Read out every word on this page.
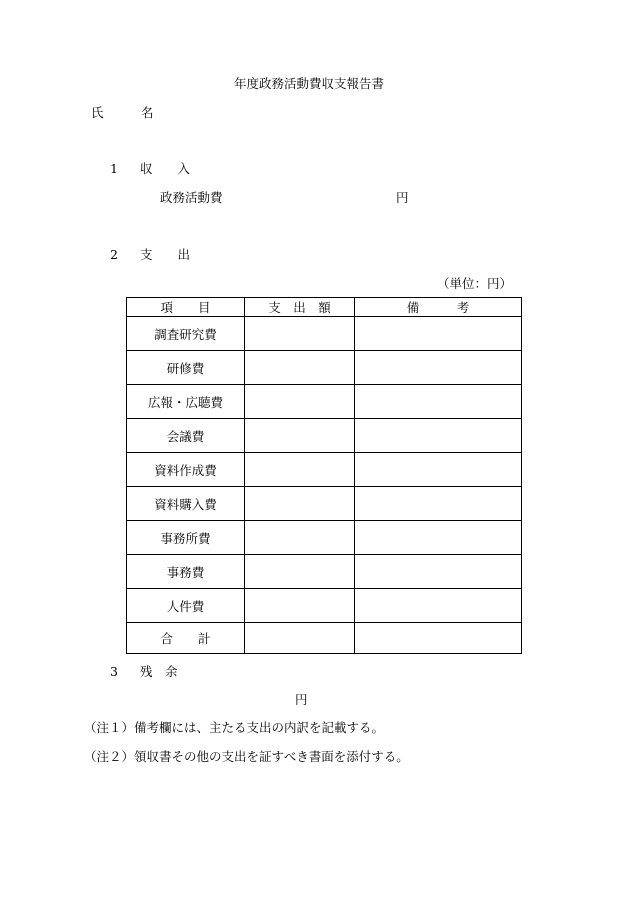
年度政務活動費収支報告書
氏　　　名
1 収　　入
政務活動費	円
2 支　　出
（単位：円）
項　　目	支　出　額	備　　　考
調査研究費		
研修費		
広報・広聴費		
会議費		
資料作成費		
資料購入費		
事務所費		
事務費		
人件費		
合　　計		
3 残　余
円
（注１）備考欄には、主たる支出の内訳を記載する。
（注２）領収書その他の支出を証すべき書面を添付する。
